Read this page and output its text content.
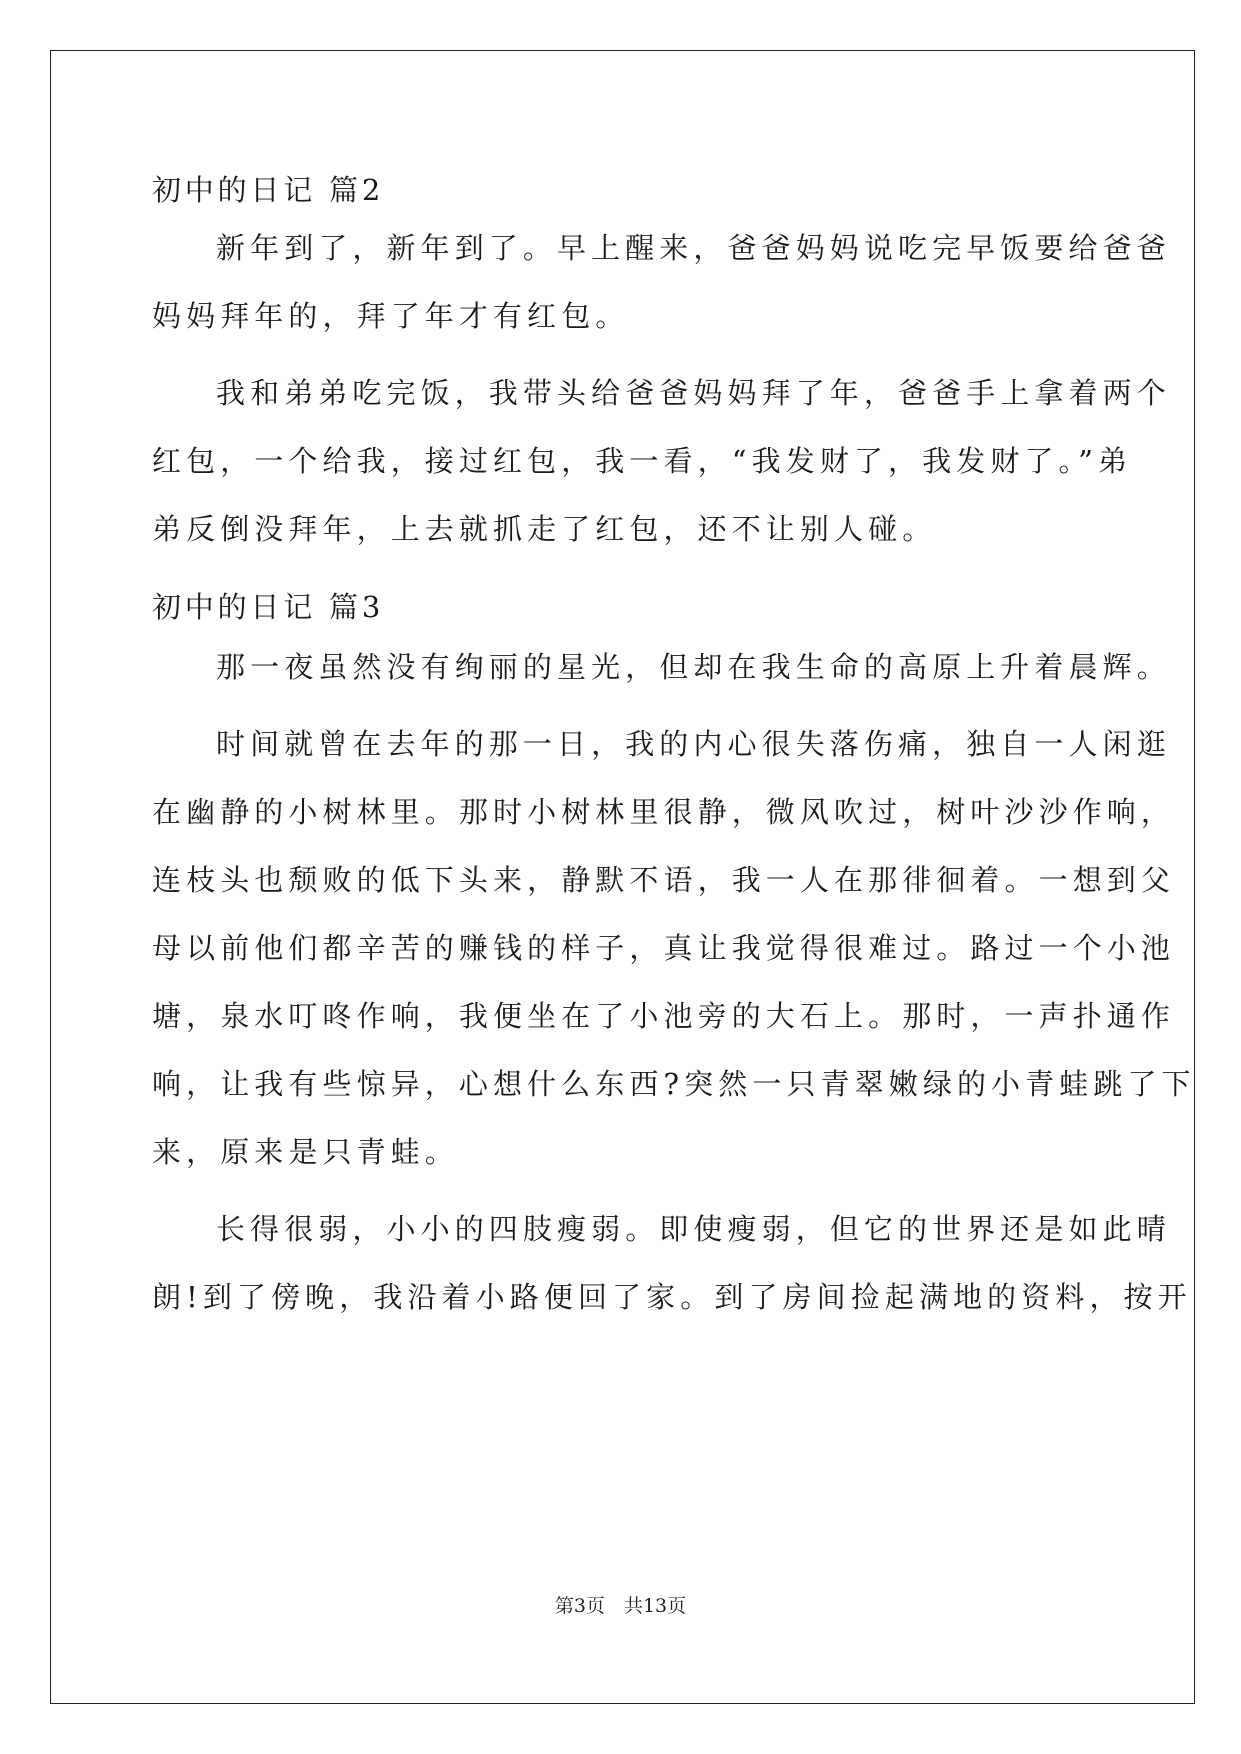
初中的日记 篇2
新年到了，新年到了。早上醒来，爸爸妈妈说吃完早饭要给爸爸
妈妈拜年的，拜了年才有红包。
我和弟弟吃完饭，我带头给爸爸妈妈拜了年，爸爸手上拿着两个
红包，一个给我，接过红包，我一看，“我发财了，我发财了。”弟
弟反倒没拜年，上去就抓走了红包，还不让别人碰。
初中的日记 篇3
那一夜虽然没有绚丽的星光，但却在我生命的高原上升着晨辉。
时间就曾在去年的那一日，我的内心很失落伤痛，独自一人闲逛
在幽静的小树林里。那时小树林里很静，微风吹过，树叶沙沙作响，
连枝头也颓败的低下头来，静默不语，我一人在那徘徊着。一想到父
母以前他们都辛苦的赚钱的样子，真让我觉得很难过。路过一个小池
塘，泉水叮咚作响，我便坐在了小池旁的大石上。那时，一声扑通作
响，让我有些惊异，心想什么东西?突然一只青翠嫩绿的小青蛙跳了下
来，原来是只青蛙。
长得很弱，小小的四肢瘦弱。即使瘦弱，但它的世界还是如此晴
朗!到了傍晚，我沿着小路便回了家。到了房间捡起满地的资料，按开
第3页　共13页
